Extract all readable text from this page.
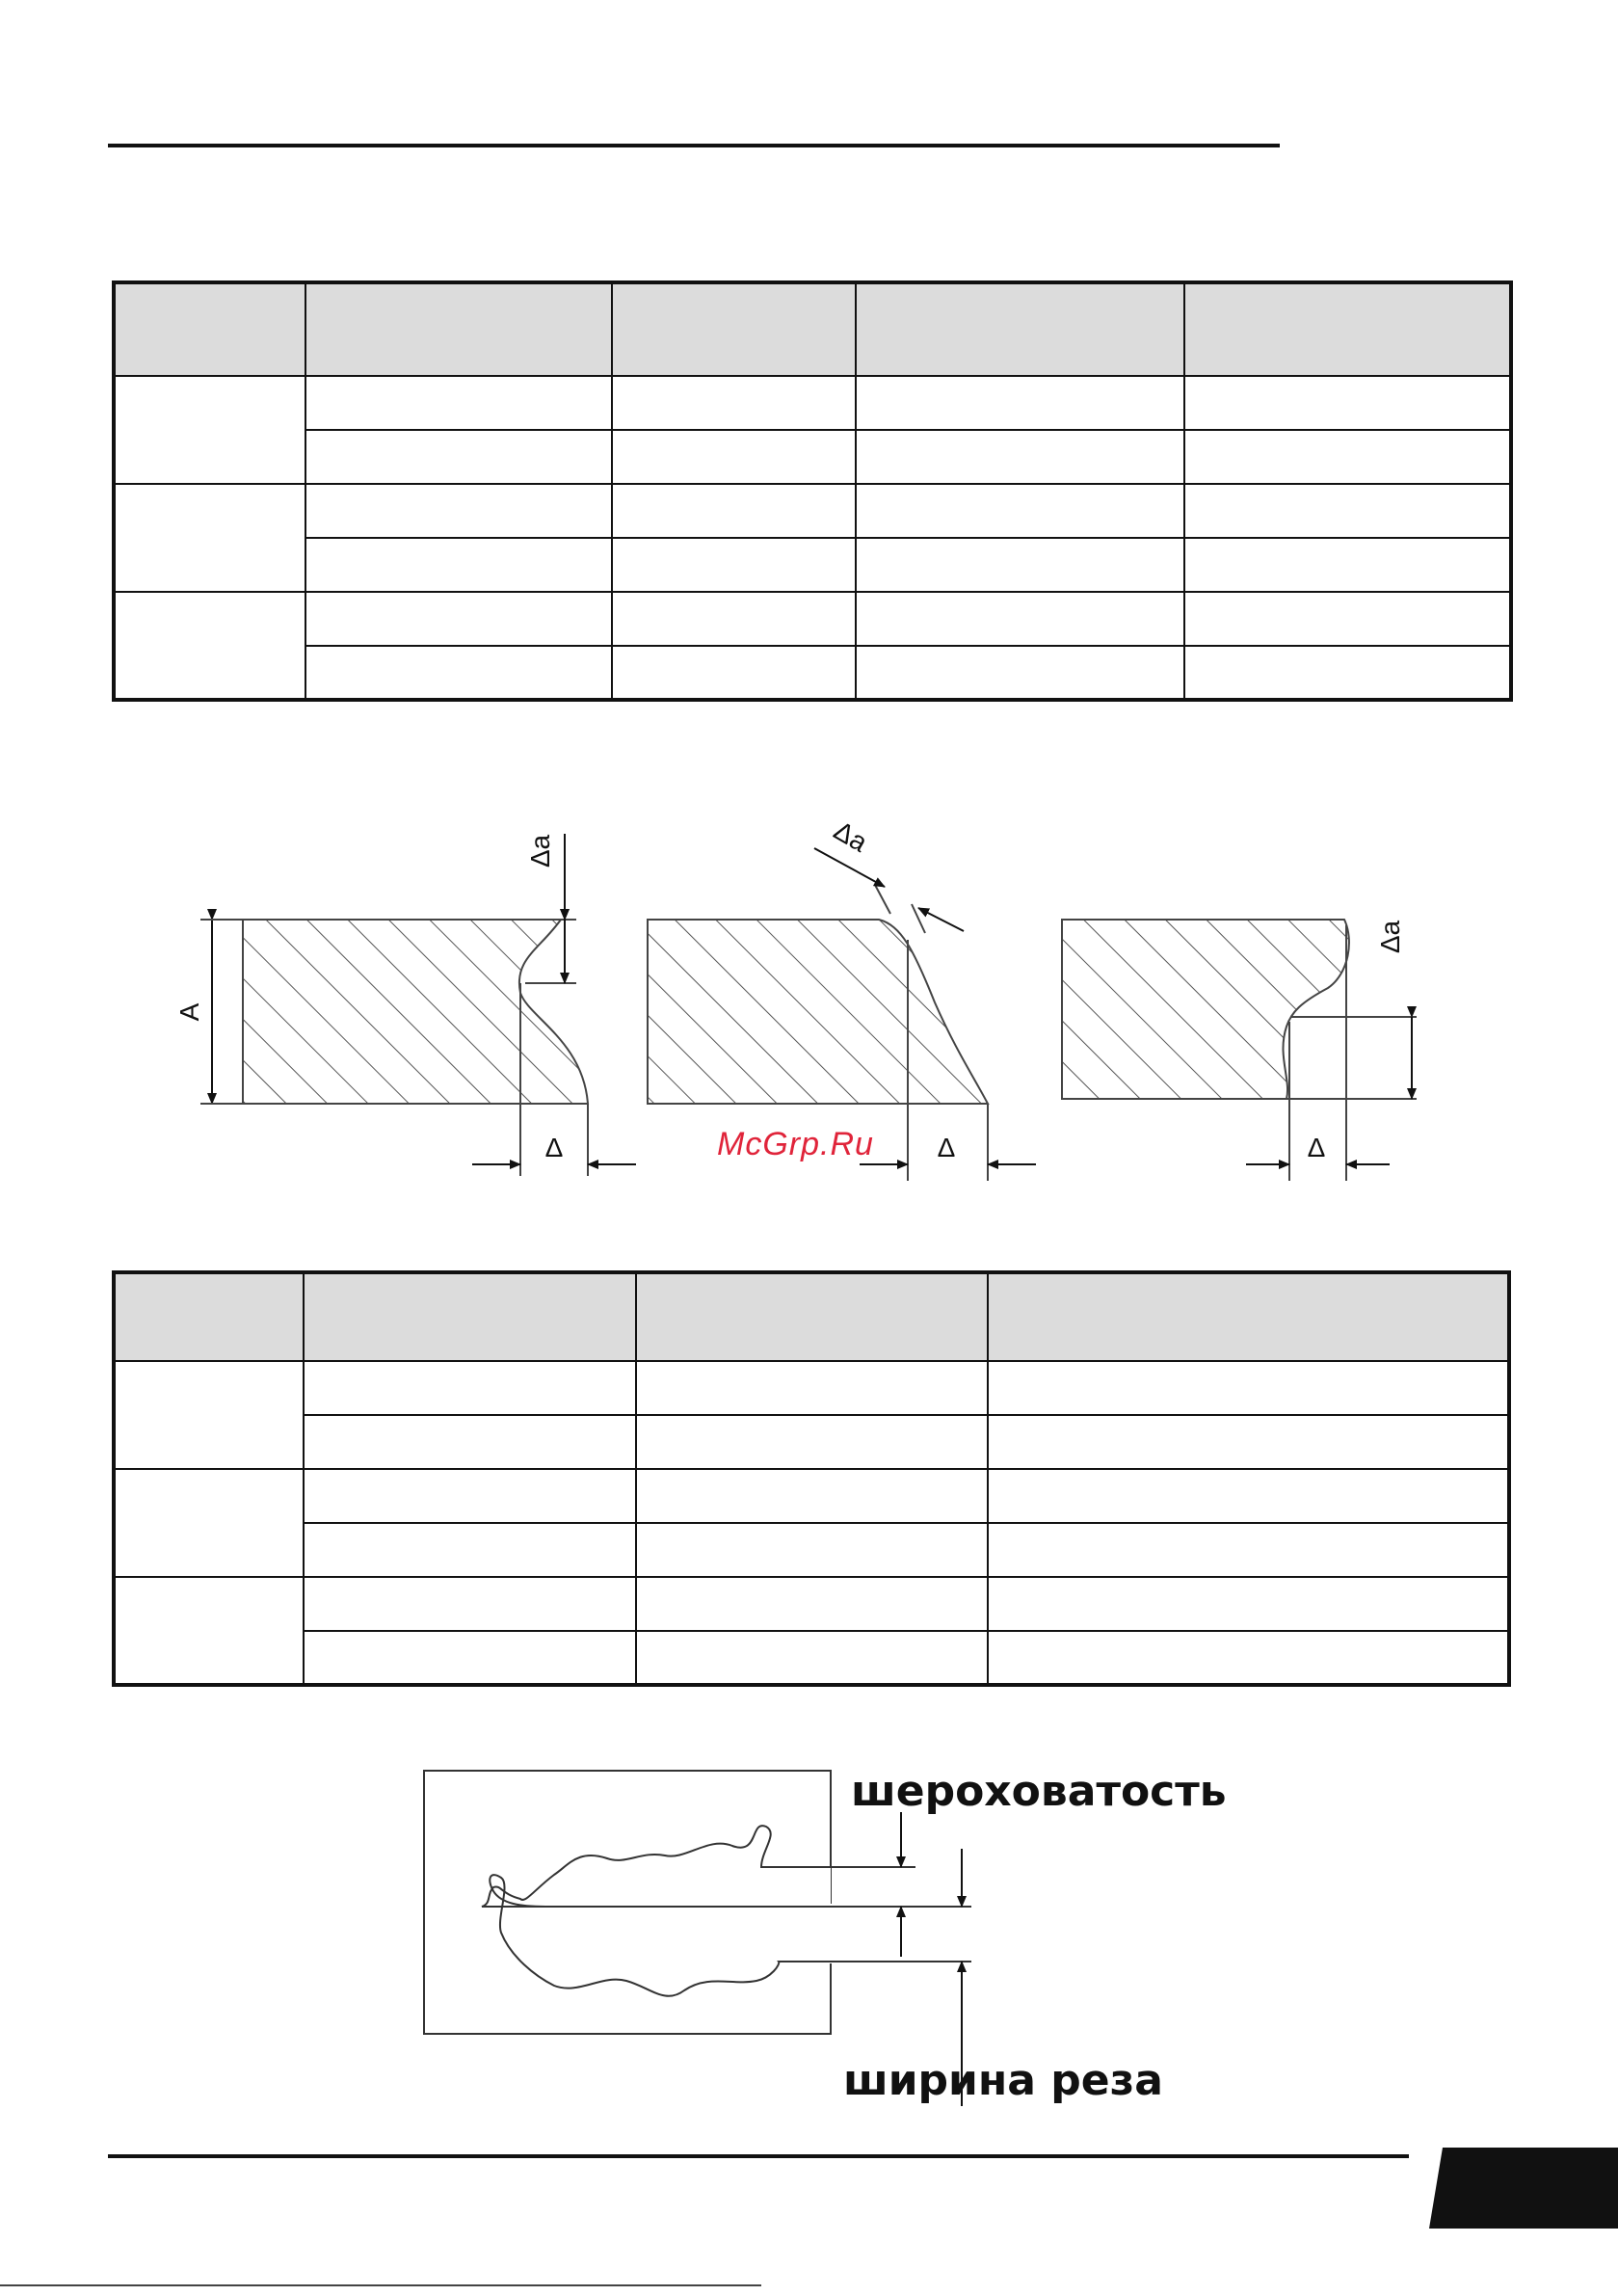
A
Δ
Δa
Δ
Δa
Δa
Δ
шероховатость
ширина реза
McGrp.Ru
